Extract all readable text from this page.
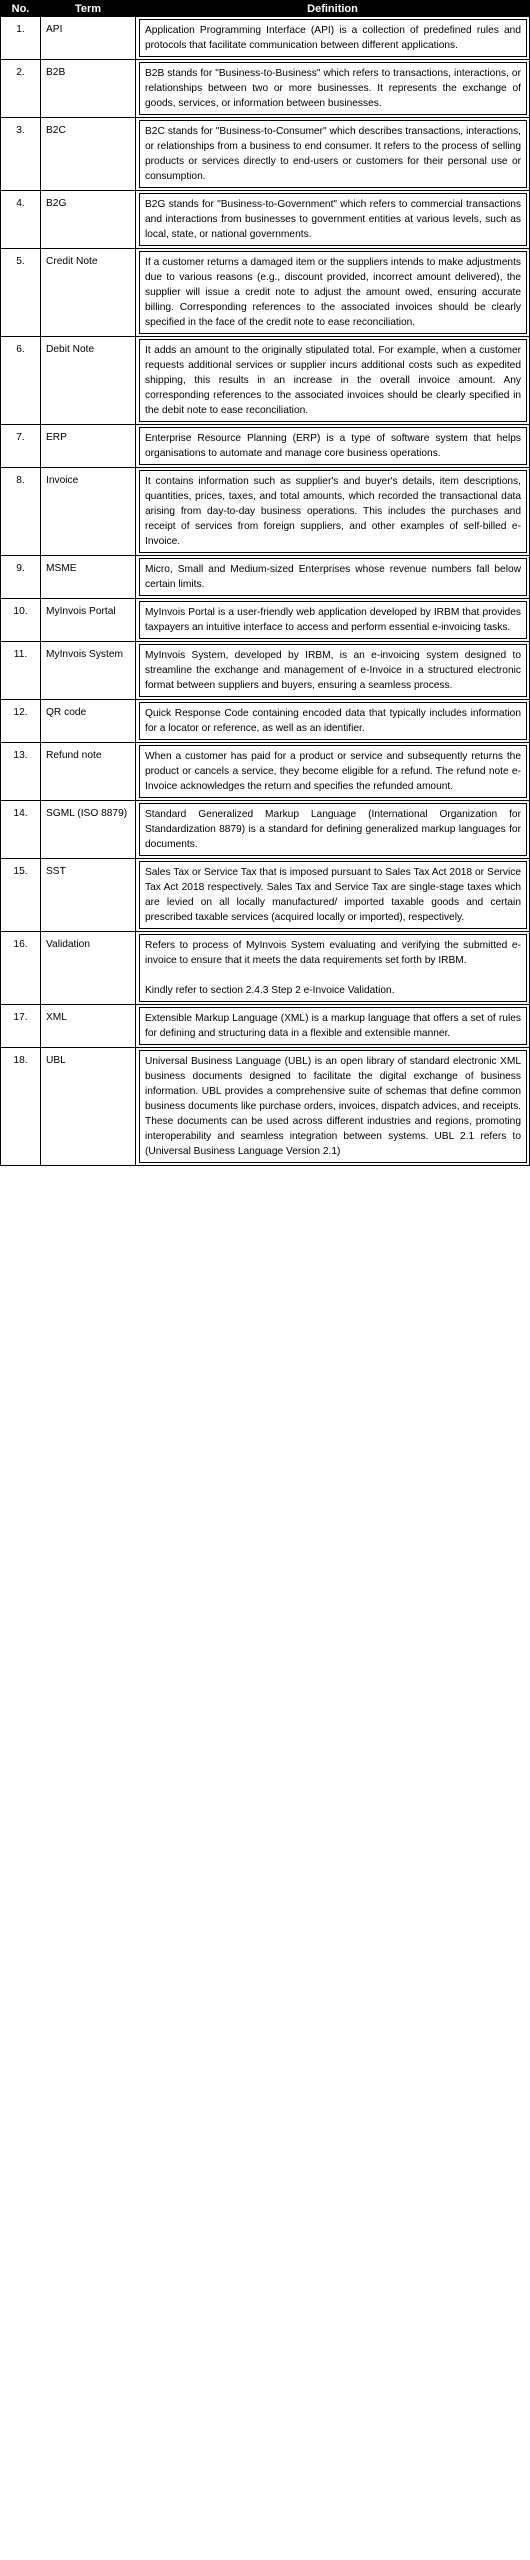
No.	Term	Definition
1.	API	Application Programming Interface (API) is a collection of predefined rules and protocols that facilitate communication between different applications.

2.	B2B	B2B stands for "Business-to-Business" which refers to transactions, interactions, or relationships between two or more businesses. It represents the exchange of goods, services, or information between businesses.

3.	B2C	B2C stands for "Business-to-Consumer" which describes transactions, interactions, or relationships from a business to end consumer. It refers to the process of selling products or services directly to end-users or customers for their personal use or consumption.

4.	B2G	B2G stands for "Business-to-Government" which refers to commercial transactions and interactions from businesses to government entities at various levels, such as local, state, or national governments.

5.	Credit Note	If a customer returns a damaged item or the suppliers intends to make adjustments due to various reasons (e.g., discount provided, incorrect amount delivered), the supplier will issue a credit note to adjust the amount owed, ensuring accurate billing. Corresponding references to the associated invoices should be clearly specified in the face of the credit note to ease reconciliation.

6.	Debit Note	It adds an amount to the originally stipulated total. For example, when a customer requests additional services or supplier incurs additional costs such as expedited shipping, this results in an increase in the overall invoice amount. Any corresponding references to the associated invoices should be clearly specified in the debit note to ease reconciliation.

7.	ERP	Enterprise Resource Planning (ERP) is a type of software system that helps organisations to automate and manage core business operations.

8.	Invoice	It contains information such as supplier's and buyer's details, item descriptions, quantities, prices, taxes, and total amounts, which recorded the transactional data arising from day-to-day business operations. This includes the purchases and receipt of services from foreign suppliers, and other examples of self-billed e-Invoice.

9.	MSME	Micro, Small and Medium-sized Enterprises whose revenue numbers fall below certain limits.

10.	MyInvois Portal	MyInvois Portal is a user-friendly web application developed by IRBM that provides taxpayers an intuitive interface to access and perform essential e-invoicing tasks.

11.	MyInvois System	MyInvois System, developed by IRBM, is an e-invoicing system designed to streamline the exchange and management of e-Invoice in a structured electronic format between suppliers and buyers, ensuring a seamless process.

12.	QR code	Quick Response Code containing encoded data that typically includes information for a locator or reference, as well as an identifier.

13.	Refund note	When a customer has paid for a product or service and subsequently returns the product or cancels a service, they become eligible for a refund. The refund note e-Invoice acknowledges the return and specifies the refunded amount.

14.	SGML (ISO 8879)	Standard Generalized Markup Language (International Organization for Standardization 8879) is a standard for defining generalized markup languages for documents.

15.	SST	Sales Tax or Service Tax that is imposed pursuant to Sales Tax Act 2018 or Service Tax Act 2018 respectively. Sales Tax and Service Tax are single-stage taxes which are levied on all locally manufactured/ imported taxable goods and certain prescribed taxable services (acquired locally or imported), respectively.

16.	Validation	Refers to process of MyInvois System evaluating and verifying the submitted e-invoice to ensure that it meets the data requirements set forth by IRBM.

Kindly refer to section 2.4.3 Step 2 e-Invoice Validation.

17.	XML	Extensible Markup Language (XML) is a markup language that offers a set of rules for defining and structuring data in a flexible and extensible manner.

18.	UBL	Universal Business Language (UBL) is an open library of standard electronic XML business documents designed to facilitate the digital exchange of business information. UBL provides a comprehensive suite of schemas that define common business documents like purchase orders, invoices, dispatch advices, and receipts. These documents can be used across different industries and regions, promoting interoperability and seamless integration between systems. UBL 2.1 refers to (Universal Business Language Version 2.1)
